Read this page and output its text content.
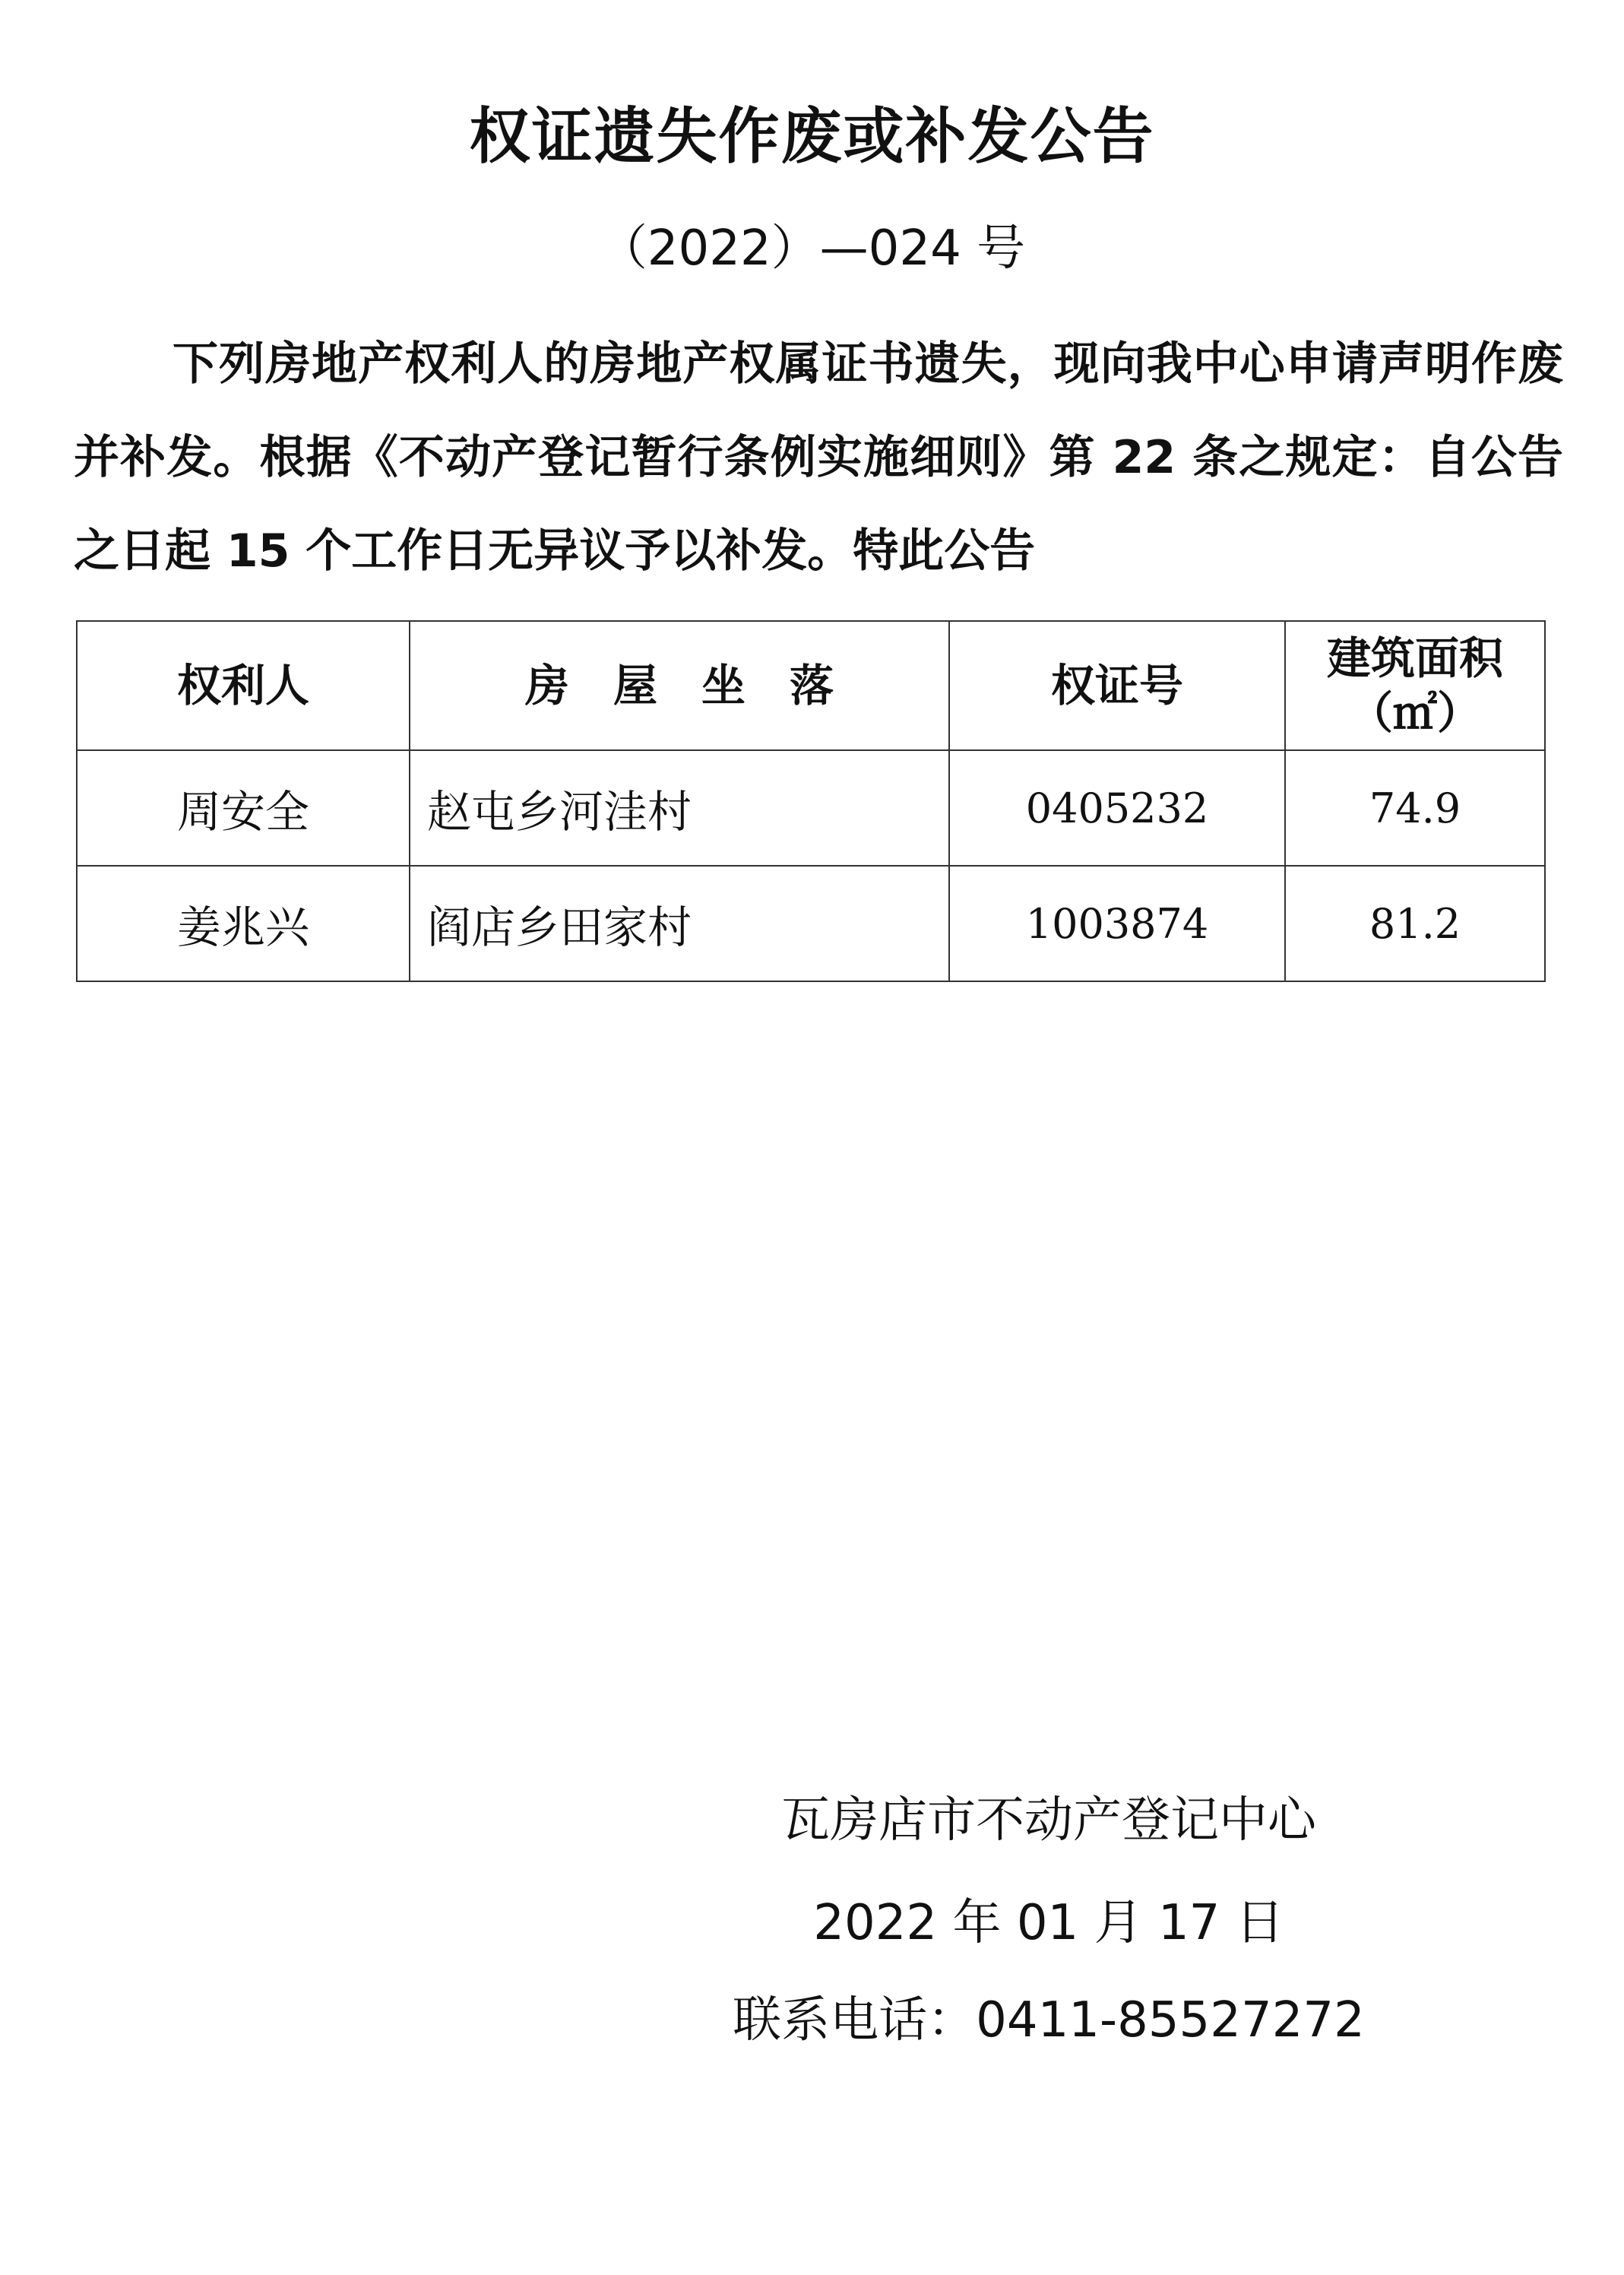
权证遗失作废或补发公告
（2022）—024 号
下列房地产权利人的房地产权属证书遗失，现向我中心申请声明作废并补发。根据《不动产登记暂行条例实施细则》第 22 条之规定：自公告之日起 15 个工作日无异议予以补发。特此公告
权利人	房　屋　坐　落	权证号	建筑面积
（㎡）
周安全	赵屯乡河洼村	0405232	74.9
姜兆兴	阎店乡田家村	1003874	81.2
瓦房店市不动产登记中心
2022 年 01 月 17 日
联系电话：0411-85527272
